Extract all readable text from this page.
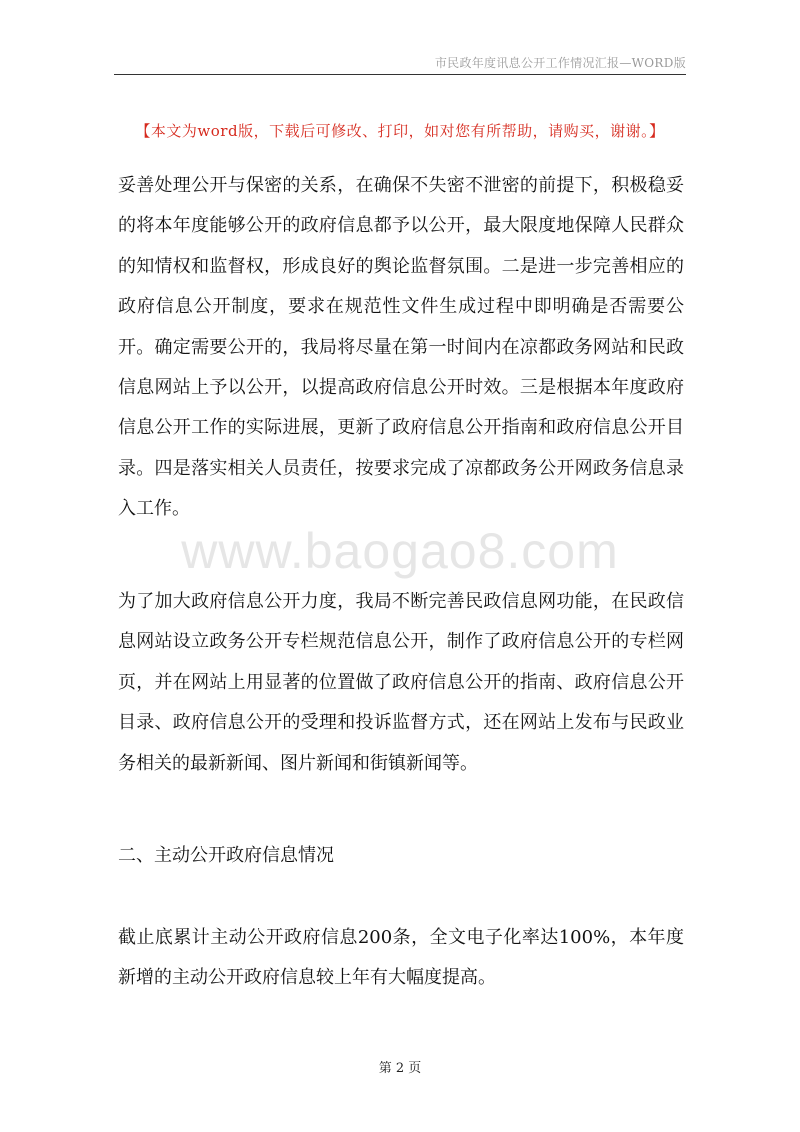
市民政年度讯息公开工作情况汇报—WORD版
【本文为word版，下载后可修改、打印，如对您有所帮助，请购买，谢谢。】

妥善处理公开与保密的关系，在确保不失密不泄密的前提下，积极稳妥的将本年度能够公开的政府信息都予以公开，最大限度地保障人民群众的知情权和监督权，形成良好的舆论监督氛围。二是进一步完善相应的政府信息公开制度，要求在规范性文件生成过程中即明确是否需要公开。确定需要公开的，我局将尽量在第一时间内在凉都政务网站和民政信息网站上予以公开，以提高政府信息公开时效。三是根据本年度政府信息公开工作的实际进展，更新了政府信息公开指南和政府信息公开目录。四是落实相关人员责任，按要求完成了凉都政务公开网政务信息录入工作。

www.baogao8.com

为了加大政府信息公开力度，我局不断完善民政信息网功能，在民政信息网站设立政务公开专栏规范信息公开，制作了政府信息公开的专栏网页，并在网站上用显著的位置做了政府信息公开的指南、政府信息公开目录、政府信息公开的受理和投诉监督方式，还在网站上发布与民政业务相关的最新新闻、图片新闻和街镇新闻等。

二、主动公开政府信息情况

截止底累计主动公开政府信息200条，全文电子化率达100%，本年度新增的主动公开政府信息较上年有大幅度提高。

第 2 页
